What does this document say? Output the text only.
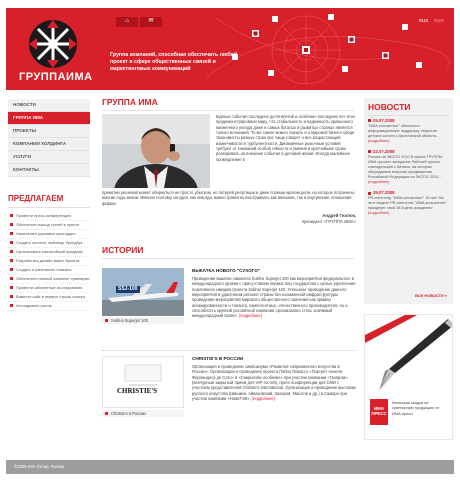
ГРУППАИМА
⌂	✉	RUS ENG
Группа компаний, способная обеспечить любой проект в сфере общественных связей и маркетинговых коммуникаций
НОВОСТИ
ГРУППА ИМА
ПРОЕКТЫ
КОМПАНИИ ХОЛДИНГА
УСЛУГИ
КОНТАКТЫ
ПРЕДЛАГАЕМ
Провести пресс-конференцию
Обеспечить выход статей в прессе
Напечатать красивые календари
Создать логотип, эмблему, брендбук
Организовать масштабный праздник
Разработать дизайн-макет буклета
Создать и напечатать плакаты
Обеспечить полный комплект сувенирки
Провести кабинетные исследования
Вывести сайт в первые строки поиска
Исследовать рынок
ГРУППА ИМА
Бурные события последних десятилетий и особенно последних лет ясно продемонстрировали миру, что стабильность и надежность привычного жизненного уклада даже в самых богатых и развитых странах является только иллюзией. То же самое можно сказать и о мировой бизнес-среде. Экономисты разных стран все чаще говорят о все возрастающей изменчивости и турбулентности. Динамичные рыночные условия требуют от компаний особой гибкости и умения в кратчайшие сроки реагировать на внешние события в деловой жизни. Иногда малейшее промедление в
принятии решений может обернуться не просто убытком, но потерей репутации и даже полным крахом дела, на которое потрачены многие годы жизни. Именно поэтому сегодня, как никогда, важно грамотно выстраивать как внешние, так и внутренние отношения фирмы.
Андрей Гнатюк,
президент «ГРУППА ИМА»
ИСТОРИИ
SSJ-100
Sukhoi Superjet 100
ВЫКАТКА НОВОГО "СУХОГО"
Проведение выкатки самолета Sukhoi Superjet 100 как мероприятия федерального и международного уровня с присутствием первых лиц государства с целью укрепления позитивного имиджа проекта Sukhoi Superjet 100. Успешное проведение данного мероприятия в удаленном регионе страны без налаженной инфраструктуры проведения мероприятий мирового общественного значения как пример ангажированности и таланта, компетентных, отечественного производителя, но и способность крупной российской компании организовать столь значимый международный проект. (подробнее)
CHRISTIE'S
Christie's в России
CHRISTIE'S В РОССИИ
Организация и проведение симпозиума «Развитие современного искусства в России». Организация и проведение проекта Пабло Пикассо «Портрет Анхеля Фернандеса де Сото» в «Синрилове особняке» при участии компании «Газпром» (венчурный закрытый прием для VIP-гостей), пресс-конференции для СМИ с участием представителей Christie's International. Организация и проведение выставки русского искусства (Шишкин, Айвазовский, Захаров, Маштов и др.) в Самаре при участии компании «НоваТЭК». (подробнее)
НОВОСТИ
25.07.2008
"ИМА-консалтинг" обеспечил информационную поддержку открытия детских колонн к Арктической области... (подробнее)
22.07.2008
Россия на ЭКСПО 2010 В офисе ГРУППЫ ИМА прошло заседание Рабочей группы совладельцев с Китаем, на котором обсуждались вопросы продвижения Российской Федерации на ЭКСПО 2010... (подробнее)
29.07.2008
PR-агентству "ИМА-консалтинг" 18 лет! На этот неделе PR-агентство "ИМА-консалтинг" празднует свой 18-й день рождения! (подробнее)
ВСЕ НОВОСТИ »
ИМА
ПРЕСС
Июньская скидка на сувенирную продукцию от ИМА-пресс!
©2009 IMA Group, Russia
